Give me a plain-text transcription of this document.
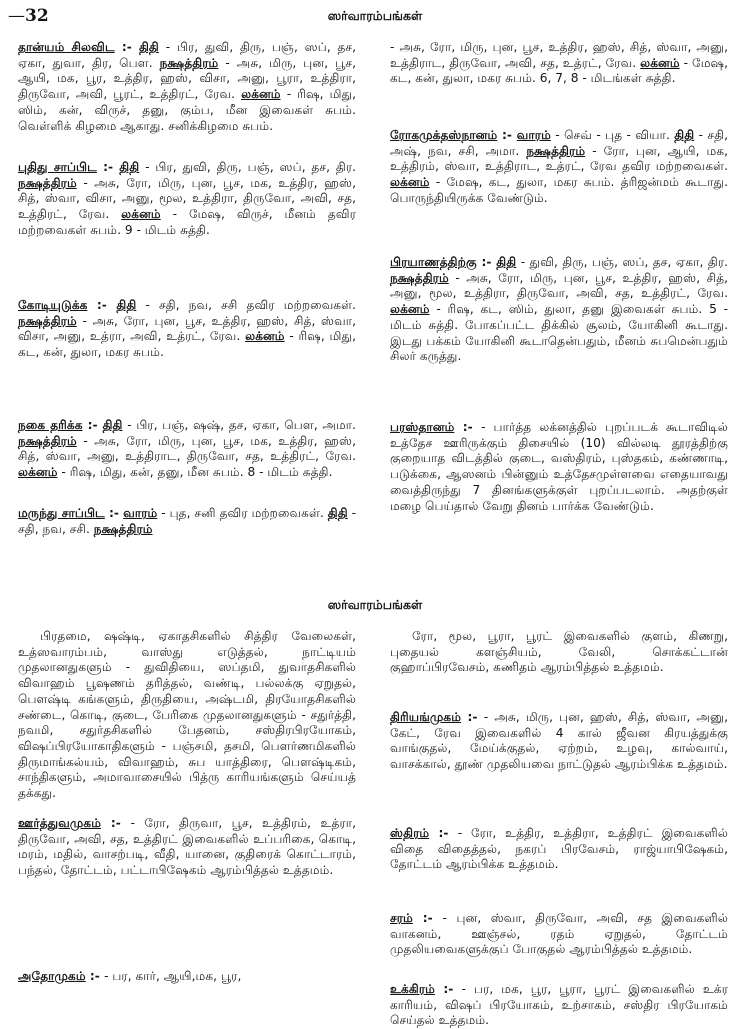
— 32	ஸர்வாரம்பங்கள்

தான்யம் சிலவிட :- திதி - பிர, துவி, திரு, பஞ், ஸப், தச, ஏகா, துவா, திர, பௌ. நக்ஷத்திரம் - அசு, மிரு, புன, பூச, ஆயி, மக, பூர, உத்திர, ஹஸ், விசா, அனு, பூரா, உத்திரா, திருவோ, அவி, பூரட், உத்திரட், ரேவ. லக்னம் - ரிஷ, மிது, ஸிம், கன், விருச், தனு, கும்ப, மீன இவைகள் சுபம். வெள்ளிக் கிழமை ஆகாது. சனிக்கிழமை சுபம்.

புதிது சாப்பிட :- திதி - பிர, துவி, திரு, பஞ், ஸப், தச, திர. நக்ஷத்திரம் - அசு, ரோ, மிரு, புன, பூச, மக, உத்திர, ஹஸ், சித், ஸ்வா, விசா, அனு, மூல, உத்திரா, திருவோ, அவி, சத, உத்திரட், ரேவ. லக்னம் - மேஷ, விருச், மீனம் தவிர மற்றவைகள் சுபம். 9 - மிடம் சுத்தி.

கோடியுடுக்க :- திதி - சதி, நவ, சசி தவிர மற்றவைகள். நக்ஷத்திரம் - அசு, ரோ, புன, பூச, உத்திர, ஹஸ், சித், ஸ்வா, விசா, அனு, உத்ரா, அவி, உத்ரட், ரேவ. லக்னம் - ரிஷ, மிது, கட, கன், துலா, மகர சுபம்.

நகை தரிக்க :- திதி - பிர, பஞ், ஷஷ், தச, ஏகா, பௌ, அமா. நக்ஷத்திரம் - அசு, ரோ, மிரு, புன, பூச, மக, உத்திர, ஹஸ், சித், ஸ்வா, அனு, உத்திராட, திருவோ, சத, உத்திரட், ரேவ. லக்னம் - ரிஷ, மிது, கன், தனு, மீன சுபம். 8 - மிடம் சுத்தி.

மருந்து சாப்பிட :- வாரம் - புத, சனி தவிர மற்றவைகள். திதி - சதி, நவ, சசி. நக்ஷத்திரம்

- அசு, ரோ, மிரு, புன, பூச, உத்திர, ஹஸ், சித், ஸ்வா, அனு, உத்திராட, திருவோ, அவி, சத, உத்ரட், ரேவ. லக்னம் - மேஷ, கட, கன், துலா, மகர சுபம். 6, 7, 8 - மிடங்கள் சுத்தி.

ரோகமுக்தஸ்நானம் :- வாரம் - செவ் - புத - வியா. திதி - சதி, அஷ், நவ, சசி, அமா. நக்ஷத்திரம் - ரோ, புன, ஆயி, மக, உத்திரம், ஸ்வா, உத்திராட, உத்ரட், ரேவ தவிர மற்றவைகள். லக்னம் - மேஷ, கட, துலா, மகர சுபம். த்ரிஜன்மம் கூடாது. பொருந்தியிருக்க வேண்டும்.

பிரயாணத்திற்கு :- திதி - துவி, திரு, பஞ், ஸப், தச, ஏகா, திர. நக்ஷத்திரம் - அசு, ரோ, மிரு, புன, பூச, உத்திர, ஹஸ், சித், அனு, மூல, உத்திரா, திருவோ, அவி, சத, உத்திரட், ரேவ. லக்னம் - ரிஷ, கட, ஸிம், துலா, தனு இவைகள் சுபம். 5 - மிடம் சுத்தி. போகப்பட்ட திக்கில் சூலம், யோகினி கூடாது. இடது பக்கம் யோகினி கூடாதென்பதும், மீனம் சுபமென்பதும் சிலர் கருத்து.

பரஸ்தானம் :- - பார்த்த லக்னத்தில் புறப்படக் கூடாவிடில் உத்தேச ஊரிருக்கும் திசையில் (10) வில்லடி தூரத்திற்கு குறையாத விடத்தில் குடை, வஸ்திரம், புஸ்தகம், கண்ணாடி, படுக்கை, ஆஸனம் பின்னும் உத்தேசமுள்ளவை எதையாவது வைத்திருந்து 7 தினங்களுக்குள் புறப்படலாம். அதற்குள் மழை பெய்தால் வேறு தினம் பார்க்க வேண்டும்.

ஸர்வாரம்பங்கள்

பிரதமை, ஷஷ்டி, ஏகாதசிகளில் சித்திர வேலைகள், உத்ஸவாரம்பம், வாஸ்து எடுத்தல், நாட்டியம் முதலானதுகளும் - துவிதியை, ஸப்தமி, துவாதசிகளில் விவாஹம் பூஷணம் தரித்தல், வண்டி, பல்லக்கு ஏறுதல், பௌஷ்டி கங்களும், திருதியை, அஷ்டமி, திரயோதசிகளில் சண்டை, கொடி, குடை, பேரிகை முதலானதுகளும் - சதுர்த்தி, நவமி, சதுர்தசிகளில் பேதனம், சஸ்திரபிரயோகம், விஷப்பிரயோகாதிகளும் - பஞ்சமி, தசமி, பௌர்ணமிகளில் திருமாங்கல்யம், விவாஹம், சுப யாத்திரை, பௌஷ்டிகம், சாந்திகளும், அமாவாசையில் பித்ரு காரியங்களும் செய்யத் தக்கது.

ஊர்த்துவமுகம் :- - ரோ, திருவா, பூச, உத்திரம், உத்ரா, திருவோ, அவி, சத, உத்திரட் இவைகளில் உப்பரிகை, கொடி, மரம், மதில், வாசற்படி, வீதி, யானை, குதிரைக் கொட்டாரம், பந்தல், தோட்டம், பட்டாபிஷேகம் ஆரம்பித்தல் உத்தமம்.

அதோமுகம் :- - பர, கார், ஆயி,மக, பூர,

ரோ, மூல, பூரா, பூரட் இவைகளில் குளம், கிணறு, புதையல் களஞ்சியம், வேலி, சொக்கட்டான் குஹாப்பிரவேசம், கணிதம் ஆரம்பித்தல் உத்தமம்.

திரியங்முகம் :- - அசு, மிரு, புன, ஹஸ், சித், ஸ்வா, அனு, கேட், ரேவ இவைகளில் 4 கால் ஜீவன கிரயத்துக்கு வாங்குதல், மேய்க்குதல், ஏற்றம், உழவு, கால்வாய், வாசக்கால், தூண் முதலியவை நாட்டுதல் ஆரம்பிக்க உத்தமம்.

ஸ்திரம் :- - ரோ, உத்திர, உத்திரா, உத்திரட் இவைகளில் விதை விதைத்தல், நகரப் பிரவேசம், ராஜ்யாபிஷேகம், தோட்டம் ஆரம்பிக்க உத்தமம்.

சரம் :- - புன, ஸ்வா, திருவோ, அவி, சத இவைகளில் வாகனம், ஊஞ்சல், ரதம் ஏறுதல், தோட்டம் முதலியவைகளுக்குப் போகுதல் ஆரம்பித்தல் உத்தமம்.

உக்கிரம் :- - பர, மக, பூர, பூரா, பூரட் இவைகளில் உக்ர காரியம், விஷப் பிரயோகம், உற்சாகம், சஸ்திர பிரயோகம் செய்தல் உத்தமம்.
